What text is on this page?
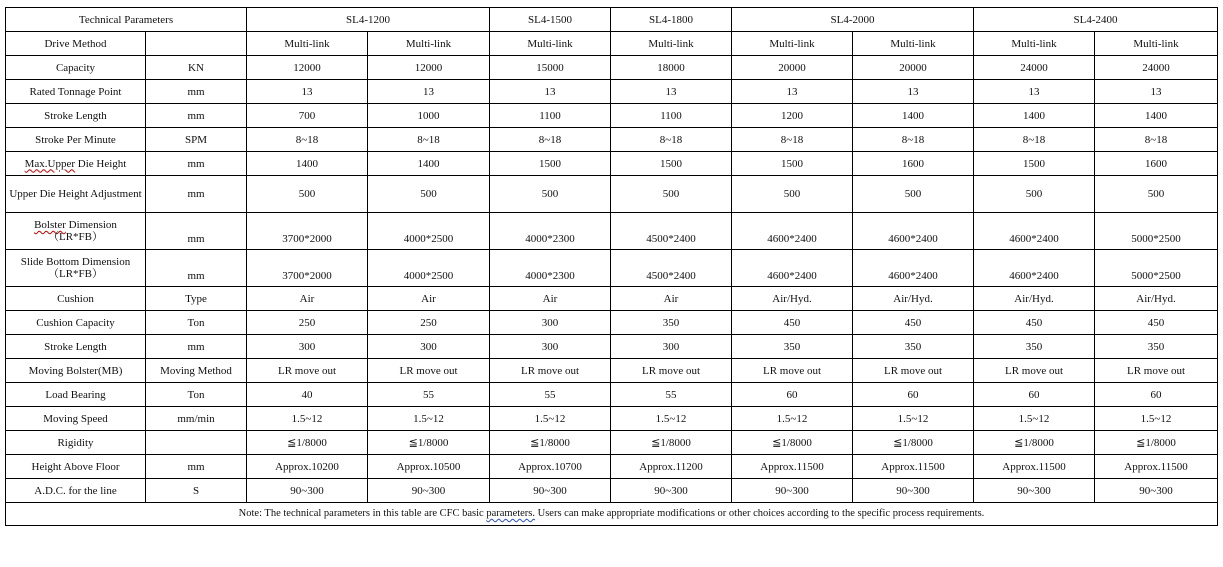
Technical Parameters		SL4-1200		SL4-1500	SL4-1800	SL4-2000		SL4-2400	
Drive Method		Multi-link	Multi-link	Multi-link	Multi-link	Multi-link	Multi-link	Multi-link	Multi-link
Capacity	KN	12000	12000	15000	18000	20000	20000	24000	24000
Rated Tonnage Point	mm	13	13	13	13	13	13	13	13
Stroke Length	mm	700	1000	1100	1100	1200	1400	1400	1400
Stroke Per Minute	SPM	8~18	8~18	8~18	8~18	8~18	8~18	8~18	8~18
Max.Upper Die Height	mm	1400	1400	1500	1500	1500	1600	1500	1600
Upper Die Height Adjustment	mm	500	500	500	500	500	500	500	500
Bolster Dimension （LR*FB）	mm	3700*2000	4000*2500	4000*2300	4500*2400	4600*2400	4600*2400	4600*2400	5000*2500
Slide Bottom Dimension（LR*FB）	mm	3700*2000	4000*2500	4000*2300	4500*2400	4600*2400	4600*2400	4600*2400	5000*2500
Cushion	Type	Air	Air	Air	Air	Air/Hyd.	Air/Hyd.	Air/Hyd.	Air/Hyd.
Cushion Capacity	Ton	250	250	300	350	450	450	450	450
Stroke Length	mm	300	300	300	300	350	350	350	350
Moving Bolster(MB)	Moving Method	LR move out	LR move out	LR move out	LR move out	LR move out	LR move out	LR move out	LR move out
Load Bearing	Ton	40	55	55	55	60	60	60	60
Moving Speed	mm/min	1.5~12	1.5~12	1.5~12	1.5~12	1.5~12	1.5~12	1.5~12	1.5~12
Rigidity		≦1/8000	≦1/8000	≦1/8000	≦1/8000	≦1/8000	≦1/8000	≦1/8000	≦1/8000
Height Above Floor	mm	Approx.10200	Approx.10500	Approx.10700	Approx.11200	Approx.11500	Approx.11500	Approx.11500	Approx.11500
A.D.C. for the line	S	90~300	90~300	90~300	90~300	90~300	90~300	90~300	90~300
Note: The technical parameters in this table are CFC basic parameters. Users can make appropriate modifications or other choices according to the specific process requirements.									
